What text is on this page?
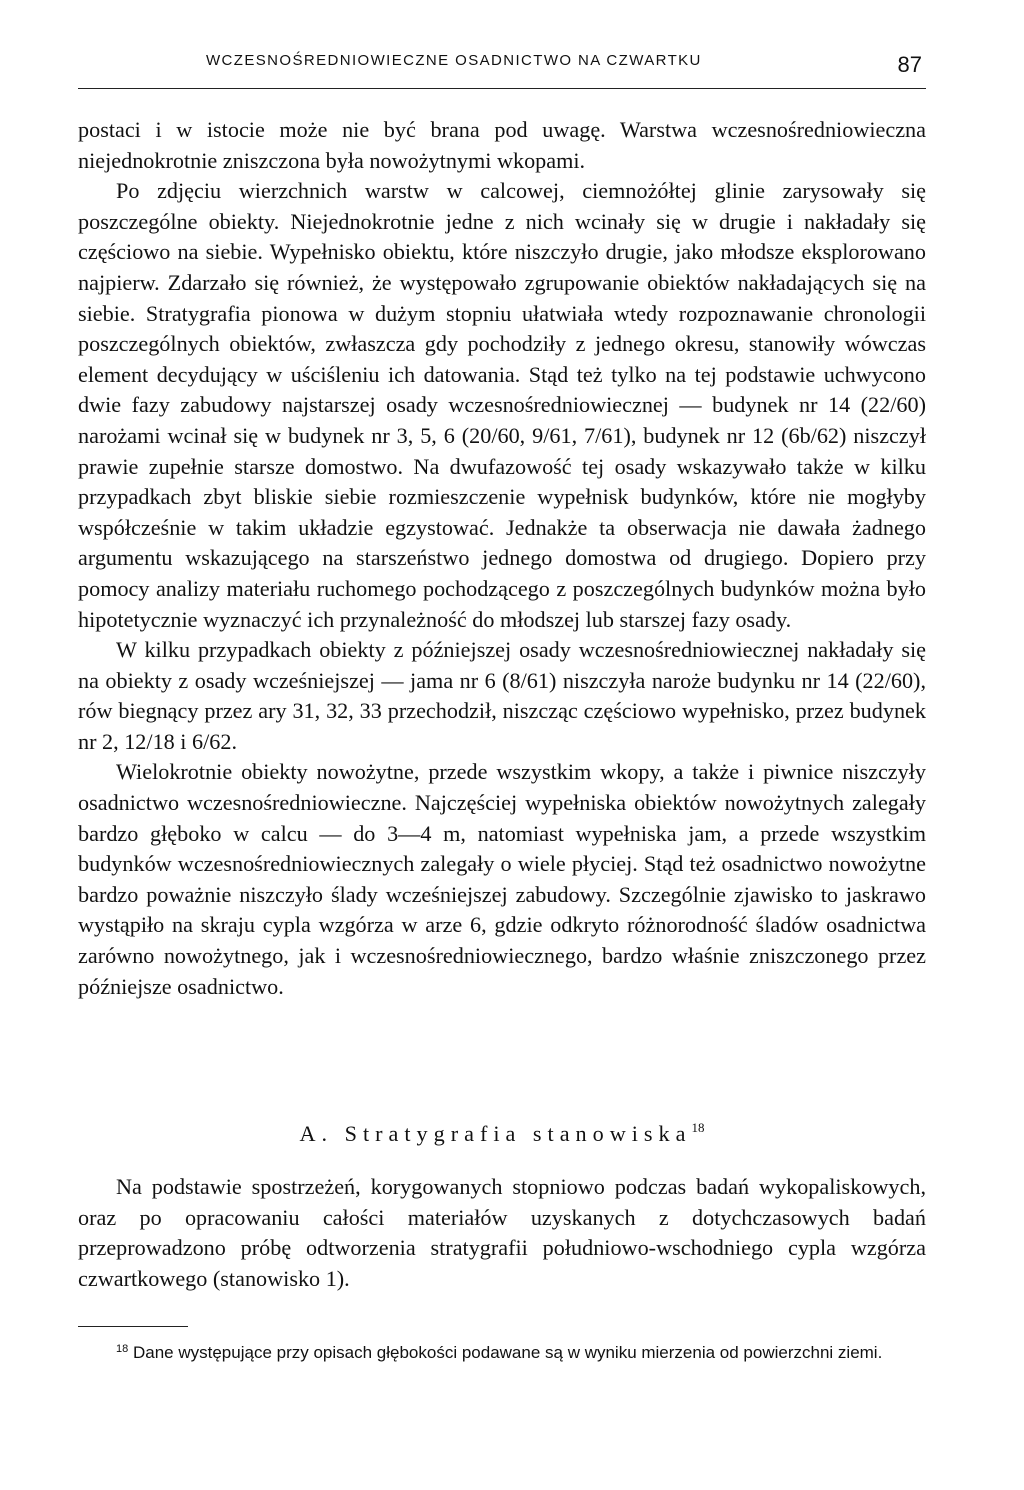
WCZESNOŚREDNIOWIECZNE OSADNICTWO NA CZWARTKU	87

postaci i w istocie może nie być brana pod uwagę. Warstwa wczesnośredniowieczna niejednokrotnie zniszczona była nowożytnymi wkopami.

Po zdjęciu wierzchnich warstw w calcowej, ciemnożółtej glinie zarysowały się poszczególne obiekty. Niejednokrotnie jedne z nich wcinały się w drugie i nakładały się częściowo na siebie. Wypełnisko obiektu, które niszczyło drugie, jako młodsze eksplorowano najpierw. Zdarzało się również, że występowało zgrupowanie obiektów nakładających się na siebie. Stratygrafia pionowa w dużym stopniu ułatwiała wtedy rozpoznawanie chronologii poszczególnych obiektów, zwłaszcza gdy pochodziły z jednego okresu, stanowiły wówczas element decydujący w uściśleniu ich datowania. Stąd też tylko na tej podstawie uchwycono dwie fazy zabudowy najstarszej osady wczesnośredniowiecznej — budynek nr 14 (22/60) narożami wcinał się w budynek nr 3, 5, 6 (20/60, 9/61, 7/61), budynek nr 12 (6b/62) niszczył prawie zupełnie starsze domostwo. Na dwufazowość tej osady wskazywało także w kilku przypadkach zbyt bliskie siebie rozmieszczenie wypełnisk budynków, które nie mogłyby współcześnie w takim układzie egzystować. Jednakże ta obserwacja nie dawała żadnego argumentu wskazującego na starszeństwo jednego domostwa od drugiego. Dopiero przy pomocy analizy materiału ruchomego pochodzącego z poszczególnych budynków można było hipotetycznie wyznaczyć ich przynależność do młodszej lub starszej fazy osady.

W kilku przypadkach obiekty z późniejszej osady wczesnośredniowiecznej nakładały się na obiekty z osady wcześniejszej — jama nr 6 (8/61) niszczyła naroże budynku nr 14 (22/60), rów biegnący przez ary 31, 32, 33 przechodził, niszcząc częściowo wypełnisko, przez budynek nr 2, 12/18 i 6/62.

Wielokrotnie obiekty nowożytne, przede wszystkim wkopy, a także i piwnice niszczyły osadnictwo wczesnośredniowieczne. Najczęściej wypełniska obiektów nowożytnych zalegały bardzo głęboko w calcu — do 3—4 m, natomiast wypełniska jam, a przede wszystkim budynków wczesnośredniowiecznych zalegały o wiele płyciej. Stąd też osadnictwo nowożytne bardzo poważnie niszczyło ślady wcześniejszej zabudowy. Szczególnie zjawisko to jaskrawo wystąpiło na skraju cypla wzgórza w arze 6, gdzie odkryto różnorodność śladów osadnictwa zarówno nowożytnego, jak i wczesnośredniowiecznego, bardzo właśnie zniszczonego przez późniejsze osadnictwo.

A. Stratygrafia stanowiska$^{18}$

Na podstawie spostrzeżeń, korygowanych stopniowo podczas badań wykopaliskowych, oraz po opracowaniu całości materiałów uzyskanych z dotychczasowych badań przeprowadzono próbę odtworzenia stratygrafii południowo-wschodniego cypla wzgórza czwartkowego (stanowisko 1).

$^{18}$ Dane występujące przy opisach głębokości podawane są w wyniku mierzenia od powierzchni ziemi.
